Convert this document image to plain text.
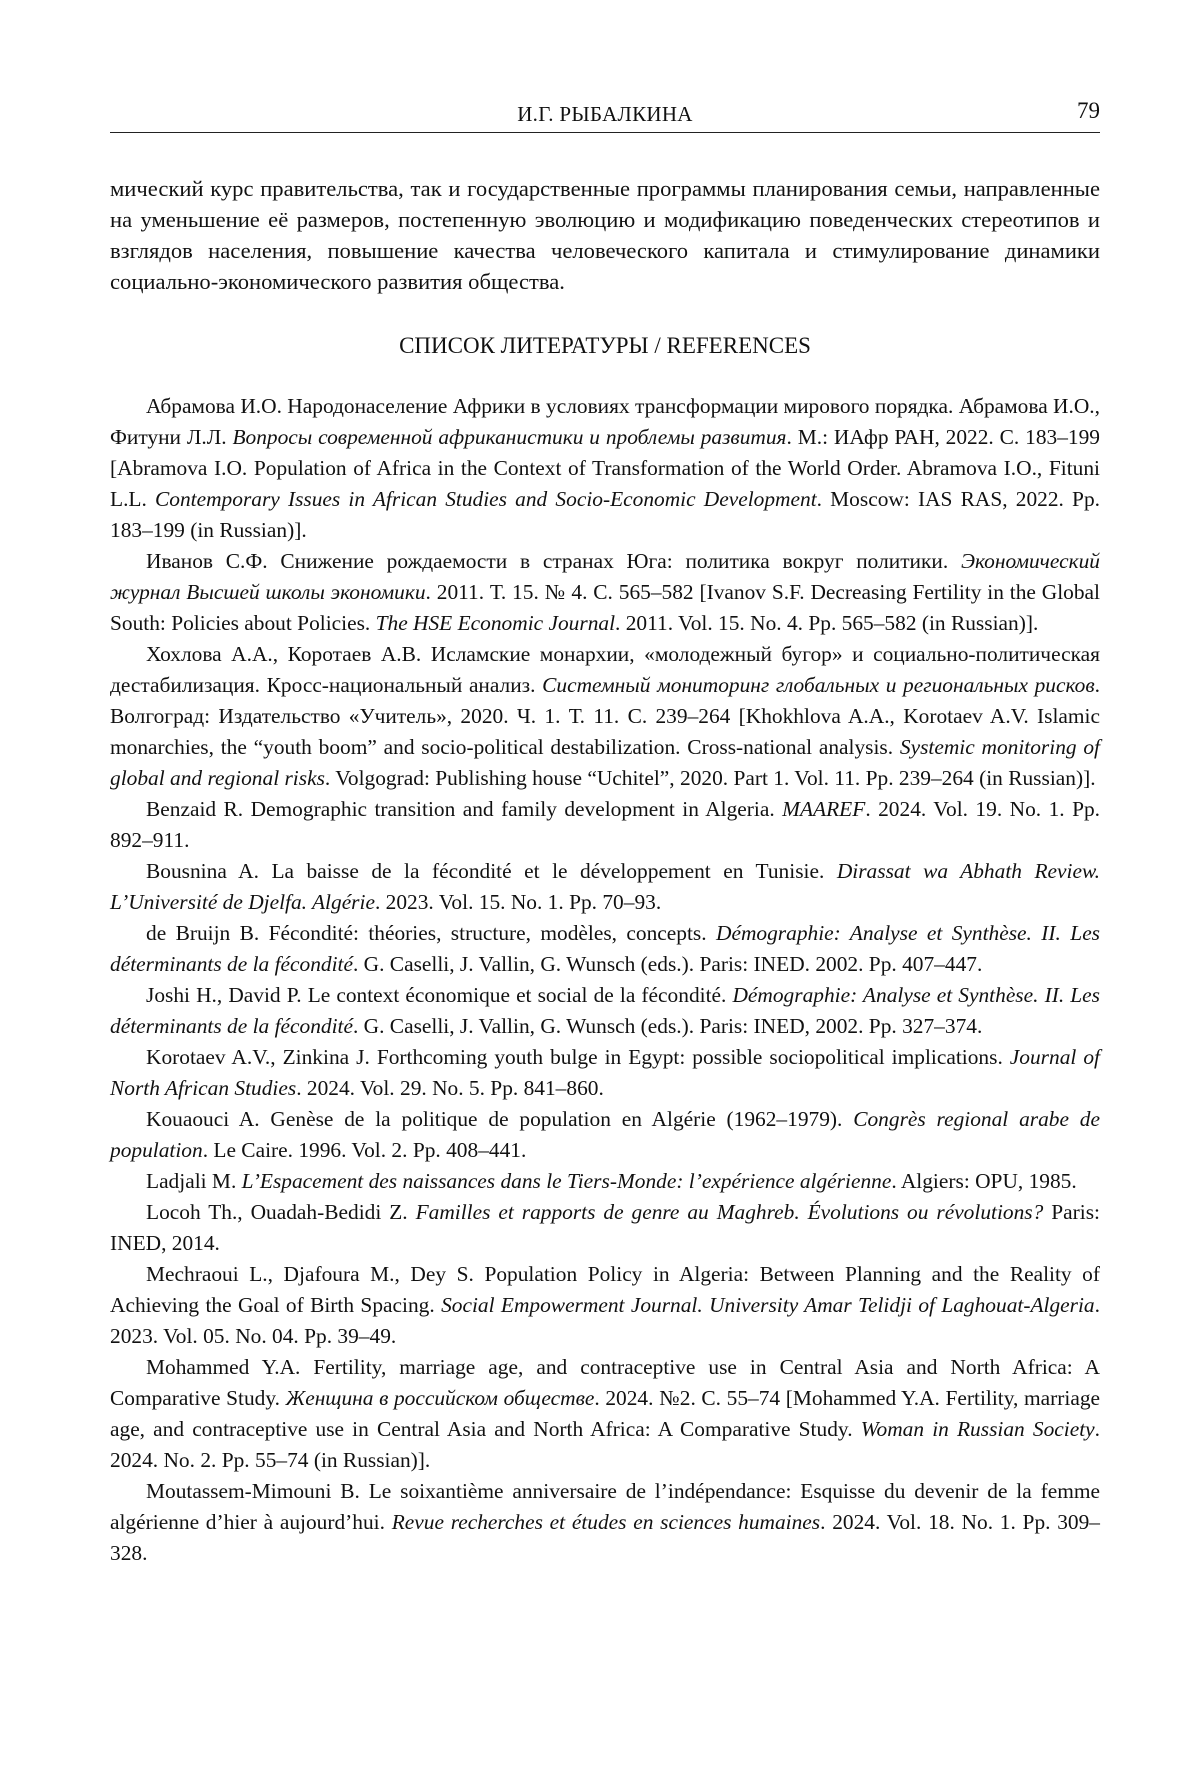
И.Г. РЫБАЛКИНА	79

мический курс правительства, так и государственные программы планирования семьи, направленные на уменьшение её размеров, постепенную эволюцию и модификацию поведенческих стереотипов и взглядов населения, повышение качества человеческого капитала и стимулирование динамики социально-экономического развития общества.

СПИСОК ЛИТЕРАТУРЫ / REFERENCES

Абрамова И.О. Народонаселение Африки в условиях трансформации мирового порядка. Абрамова И.О., Фитуни Л.Л. Вопросы современной африканистики и проблемы развития. М.: ИАфр РАН, 2022. С. 183–199 [Abramova I.O. Population of Africa in the Context of Transformation of the World Order. Abramova I.O., Fituni L.L. Contemporary Issues in African Studies and Socio-Economic Development. Moscow: IAS RAS, 2022. Pp. 183–199 (in Russian)].

Иванов С.Ф. Снижение рождаемости в странах Юга: политика вокруг политики. Экономический журнал Высшей школы экономики. 2011. Т. 15. № 4. С. 565–582 [Ivanov S.F. Decreasing Fertility in the Global South: Policies about Policies. The HSE Economic Journal. 2011. Vol. 15. No. 4. Pp. 565–582 (in Russian)].

Хохлова А.А., Коротаев А.В. Исламские монархии, «молодежный бугор» и социально-политическая дестабилизация. Кросс-национальный анализ. Системный мониторинг глобальных и региональных рисков. Волгоград: Издательство «Учитель», 2020. Ч. 1. Т. 11. С. 239–264 [Khokhlova A.A., Korotaev A.V. Islamic monarchies, the “youth boom” and socio-political destabilization. Cross-national analysis. Systemic monitoring of global and regional risks. Volgograd: Publishing house “Uchitel”, 2020. Part 1. Vol. 11. Pp. 239–264 (in Russian)].

Benzaid R. Demographic transition and family development in Algeria. MAAREF. 2024. Vol. 19. No. 1. Pp. 892–911.

Bousnina A. La baisse de la fécondité et le développement en Tunisie. Dirassat wa Abhath Review. L’Université de Djelfa. Algérie. 2023. Vol. 15. No. 1. Pp. 70–93.

de Bruijn B. Fécondité: théories, structure, modèles, concepts. Démographie: Analyse et Synthèse. II. Les déterminants de la fécondité. G. Caselli, J. Vallin, G. Wunsch (eds.). Paris: INED. 2002. Pp. 407–447.

Joshi H., David P. Le context économique et social de la fécondité. Démographie: Analyse et Synthèse. II. Les déterminants de la fécondité. G. Caselli, J. Vallin, G. Wunsch (eds.). Paris: INED, 2002. Pp. 327–374.

Korotaev A.V., Zinkina J. Forthcoming youth bulge in Egypt: possible sociopolitical implications. Journal of North African Studies. 2024. Vol. 29. No. 5. Pp. 841–860.

Kouaouci A. Genèse de la politique de population en Algérie (1962–1979). Congrès regional arabe de population. Le Caire. 1996. Vol. 2. Pp. 408–441.

Ladjali M. L’Espacement des naissances dans le Tiers-Monde: l’expérience algérienne. Algiers: OPU, 1985.

Locoh Th., Ouadah-Bedidi Z. Familles et rapports de genre au Maghreb. Évolutions ou révolutions? Paris: INED, 2014.

Mechraoui L., Djafoura M., Dey S. Population Policy in Algeria: Between Planning and the Reality of Achieving the Goal of Birth Spacing. Social Empowerment Journal. University Amar Telidji of Laghouat-Algeria. 2023. Vol. 05. No. 04. Pp. 39–49.

Mohammed Y.A. Fertility, marriage age, and contraceptive use in Central Asia and North Africa: A Comparative Study. Женщина в российском обществе. 2024. №2. С. 55–74 [Mohammed Y.A. Fertility, marriage age, and contraceptive use in Central Asia and North Africa: A Comparative Study. Woman in Russian Society. 2024. No. 2. Pp. 55–74 (in Russian)].

Moutassem-Mimouni B. Le soixantième anniversaire de l’indépendance: Esquisse du devenir de la femme algérienne d’hier à aujourd’hui. Revue recherches et études en sciences humaines. 2024. Vol. 18. No. 1. Pp. 309–328.
